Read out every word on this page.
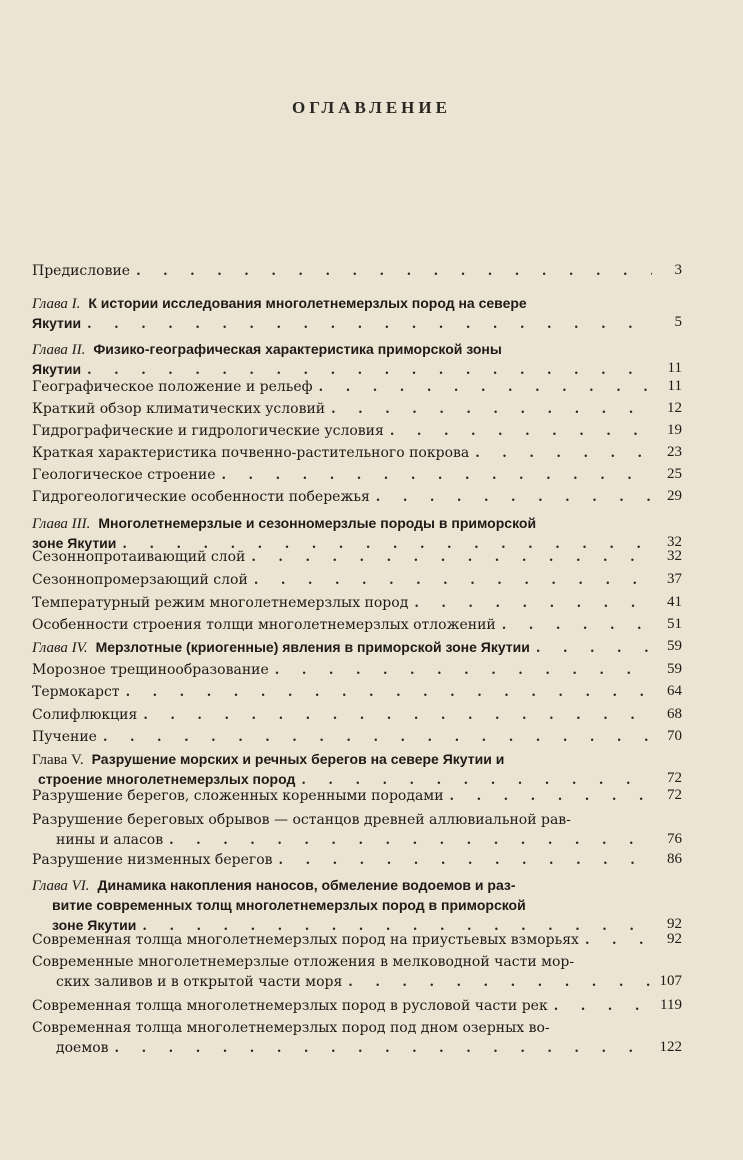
ОГЛАВЛЕНИЕ
Предисловие . . .	3
Глава I. К истории исследования многолетнемерзлых пород на севере
Якутии . . .	5
Глава II. Физико-географическая характеристика приморской зоны
Якутии . . .	11
Географическое положение и рельеф . . .	11
Краткий обзор климатических условий . . .	12
Гидрографические и гидрологические условия . . .	19
Краткая характеристика почвенно-растительного покрова . . .	23
Геологическое строение . . .	25
Гидрогеологические особенности побережья . . .	29
Глава III. Многолетнемерзлые и сезонномерзлые породы в приморской
зоне Якутии . . .	32
Сезоннопротаивающий слой . . .	32
Сезоннопромерзающий слой . . .	37
Температурный режим многолетнемерзлых пород . . .	41
Особенности строения толщи многолетнемерзлых отложений . . .	51
Глава IV. Мерзлотные (криогенные) явления в приморской зоне Якутии . . .	59
Морозное трещинообразование . . .	59
Термокарст . . .	64
Солифлюкция . . .	68
Пучение . . .	70
Глава V. Разрушение морских и речных берегов на севере Якутии и
строение многолетнемерзлых пород . . .	72
Разрушение берегов, сложенных коренными породами . . .	72
Разрушение береговых обрывов — останцов древней аллювиальной рав-
нины и аласов . . .	76
Разрушение низменных берегов . . .	86
Глава VI. Динамика накопления наносов, обмеление водоемов и раз-
витие современных толщ многолетнемерзлых пород в приморской
зоне Якутии . . .	92
Современная толща многолетнемерзлых пород на приустьевых взморьях . . .	92
Современные многолетнемерзлые отложения в мелководной части мор-
ских заливов и в открытой части моря . . .	107
Современная толща многолетнемерзлых пород в русловой части рек . . .	119
Современная толща многолетнемерзлых пород под дном озерных во-
доемов . . .	122
